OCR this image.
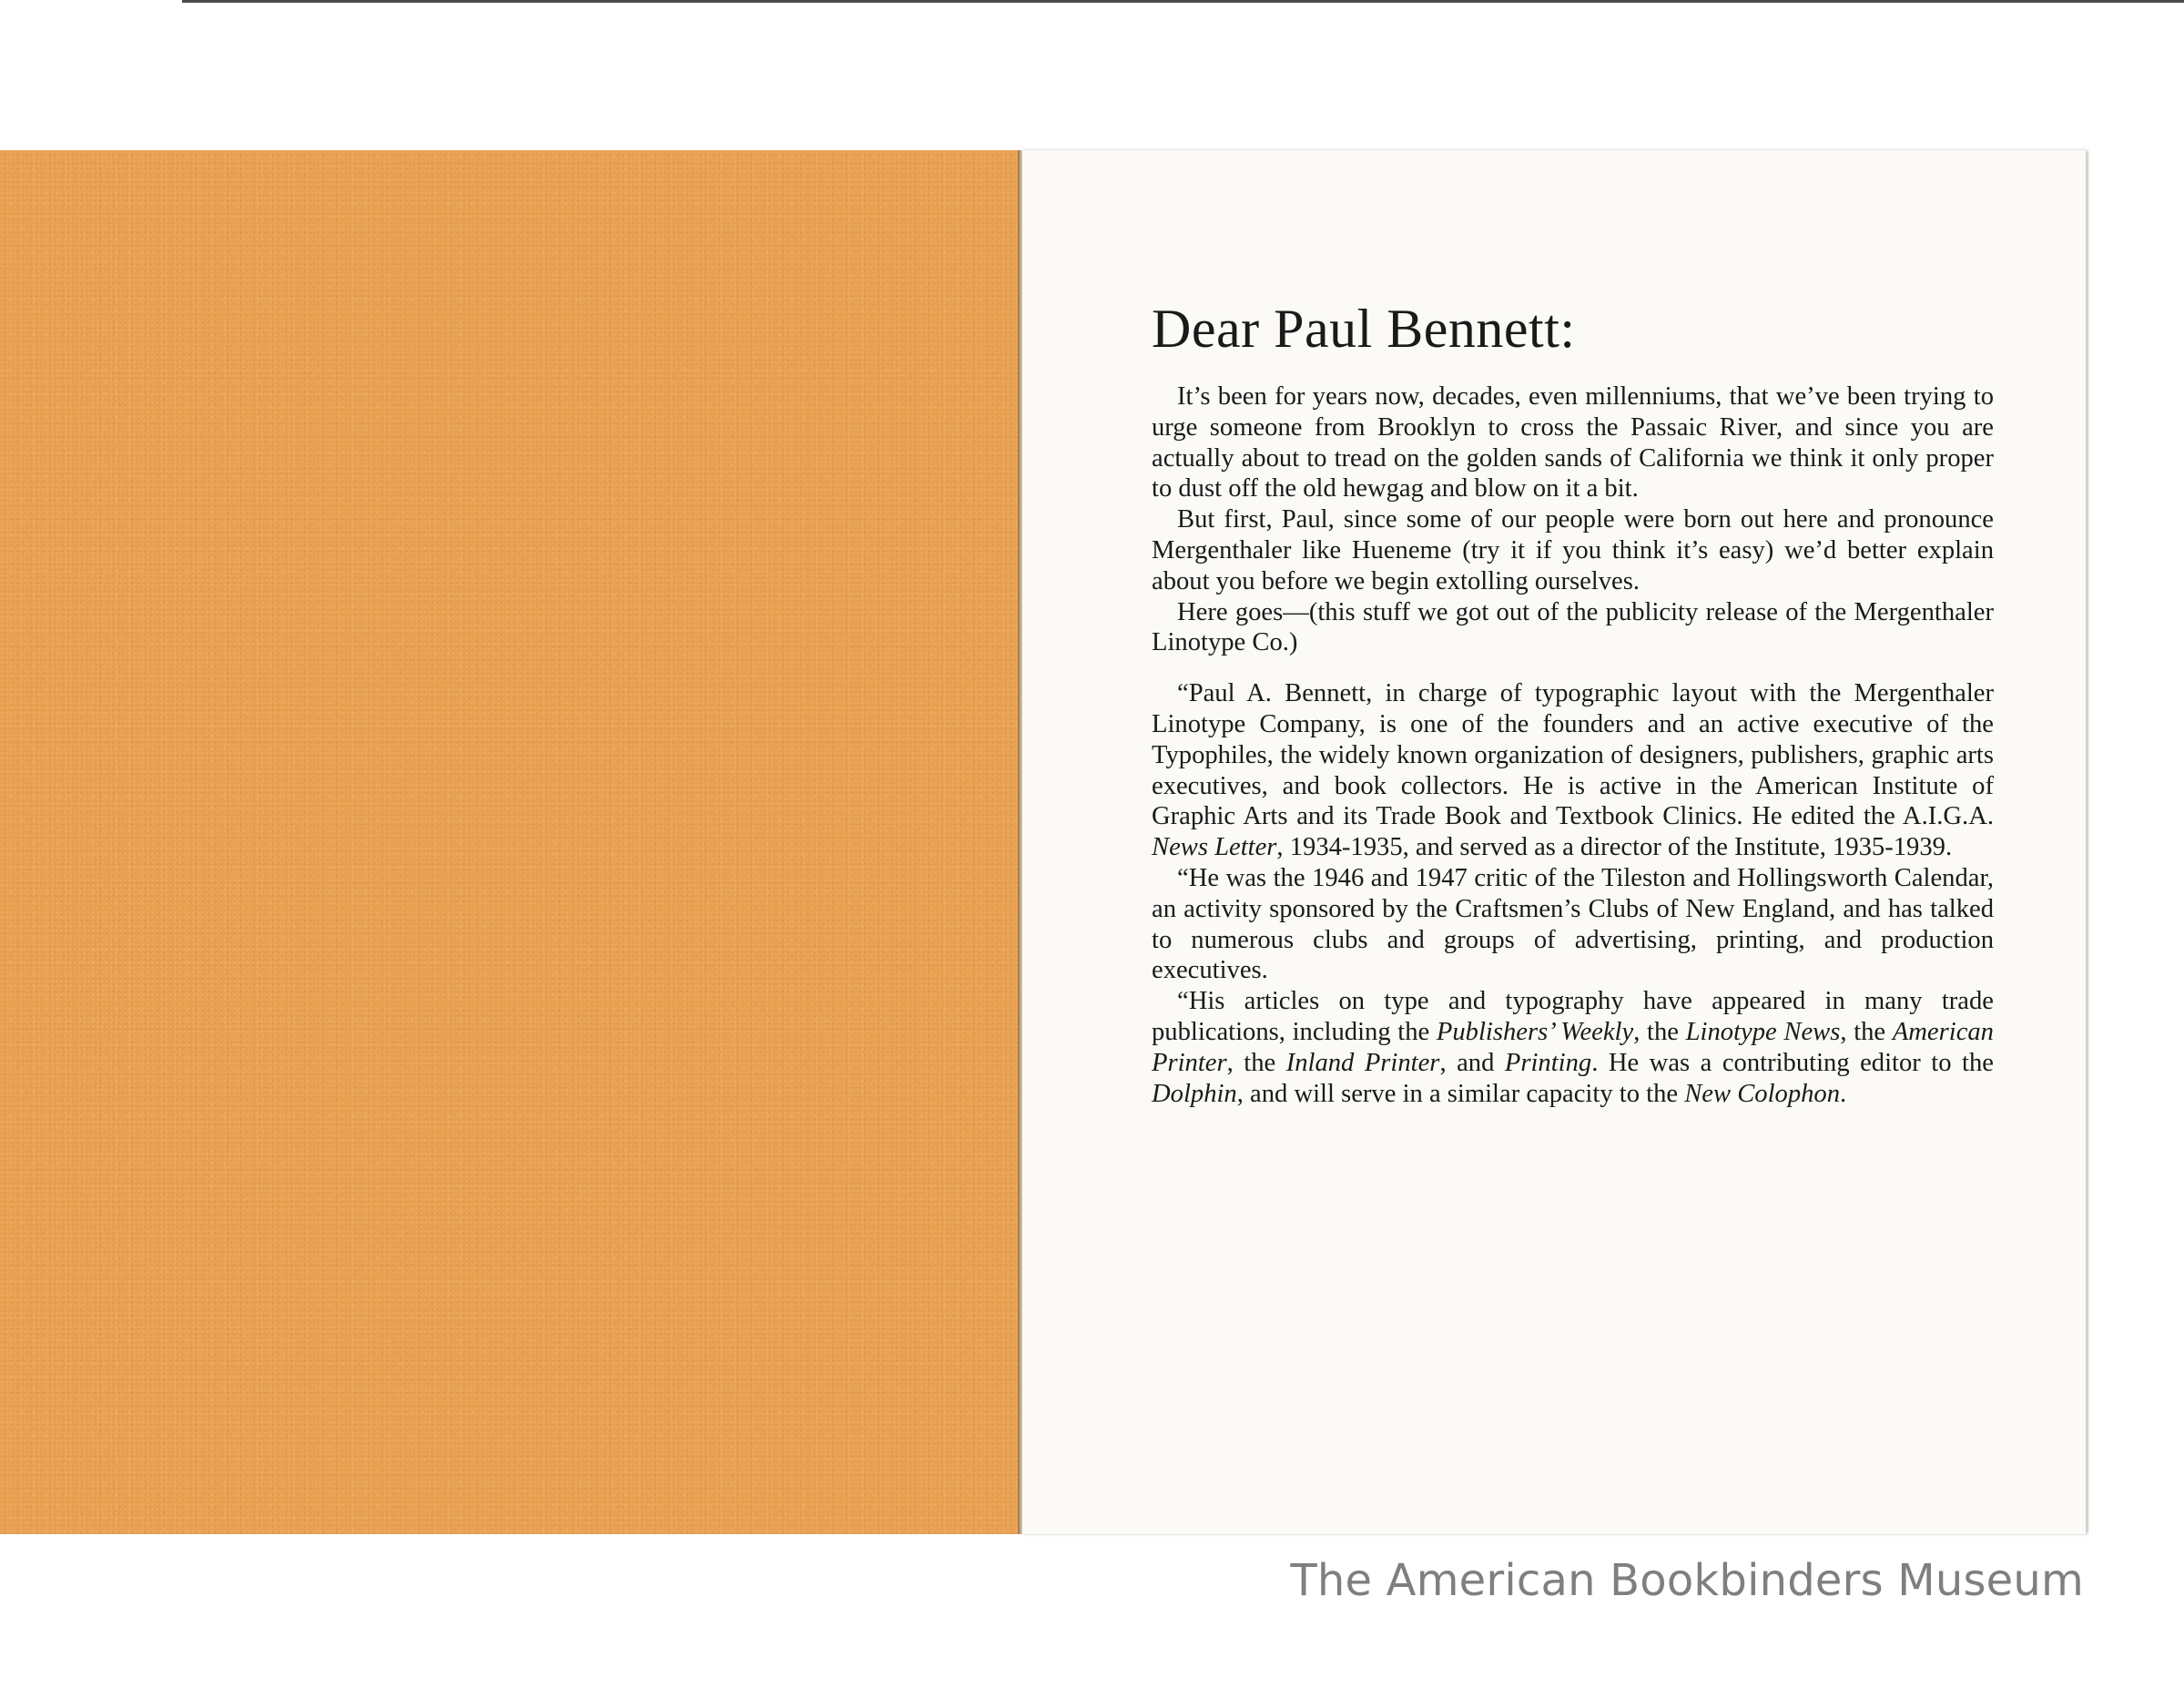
Dear Paul Bennett:

It’s been for years now, decades, even millenniums, that we’ve been trying to urge someone from Brooklyn to cross the Passaic River, and since you are actually about to tread on the golden sands of California we think it only proper to dust off the old hewgag and blow on it a bit.

But first, Paul, since some of our people were born out here and pronounce Mergenthaler like Hueneme (try it if you think it’s easy) we’d better explain about you before we begin extolling ourselves.

Here goes—(this stuff we got out of the publicity release of the Mergenthaler Linotype Co.)

“Paul A. Bennett, in charge of typographic layout with the Mergenthaler Linotype Company, is one of the founders and an active executive of the Typophiles, the widely known organization of designers, publishers, graphic arts executives, and book collectors. He is active in the American Institute of Graphic Arts and its Trade Book and Textbook Clinics. He edited the A.I.G.A. News Letter, 1934-1935, and served as a director of the Institute, 1935-1939.

“He was the 1946 and 1947 critic of the Tileston and Hollingsworth Calendar, an activity sponsored by the Craftsmen’s Clubs of New England, and has talked to numerous clubs and groups of advertising, printing, and production executives.

“His articles on type and typography have appeared in many trade publications, including the Publishers’ Weekly, the Linotype News, the American Printer, the Inland Printer, and Printing. He was a contributing editor to the Dolphin, and will serve in a similar capacity to the New Colophon.

The American Bookbinders Museum
